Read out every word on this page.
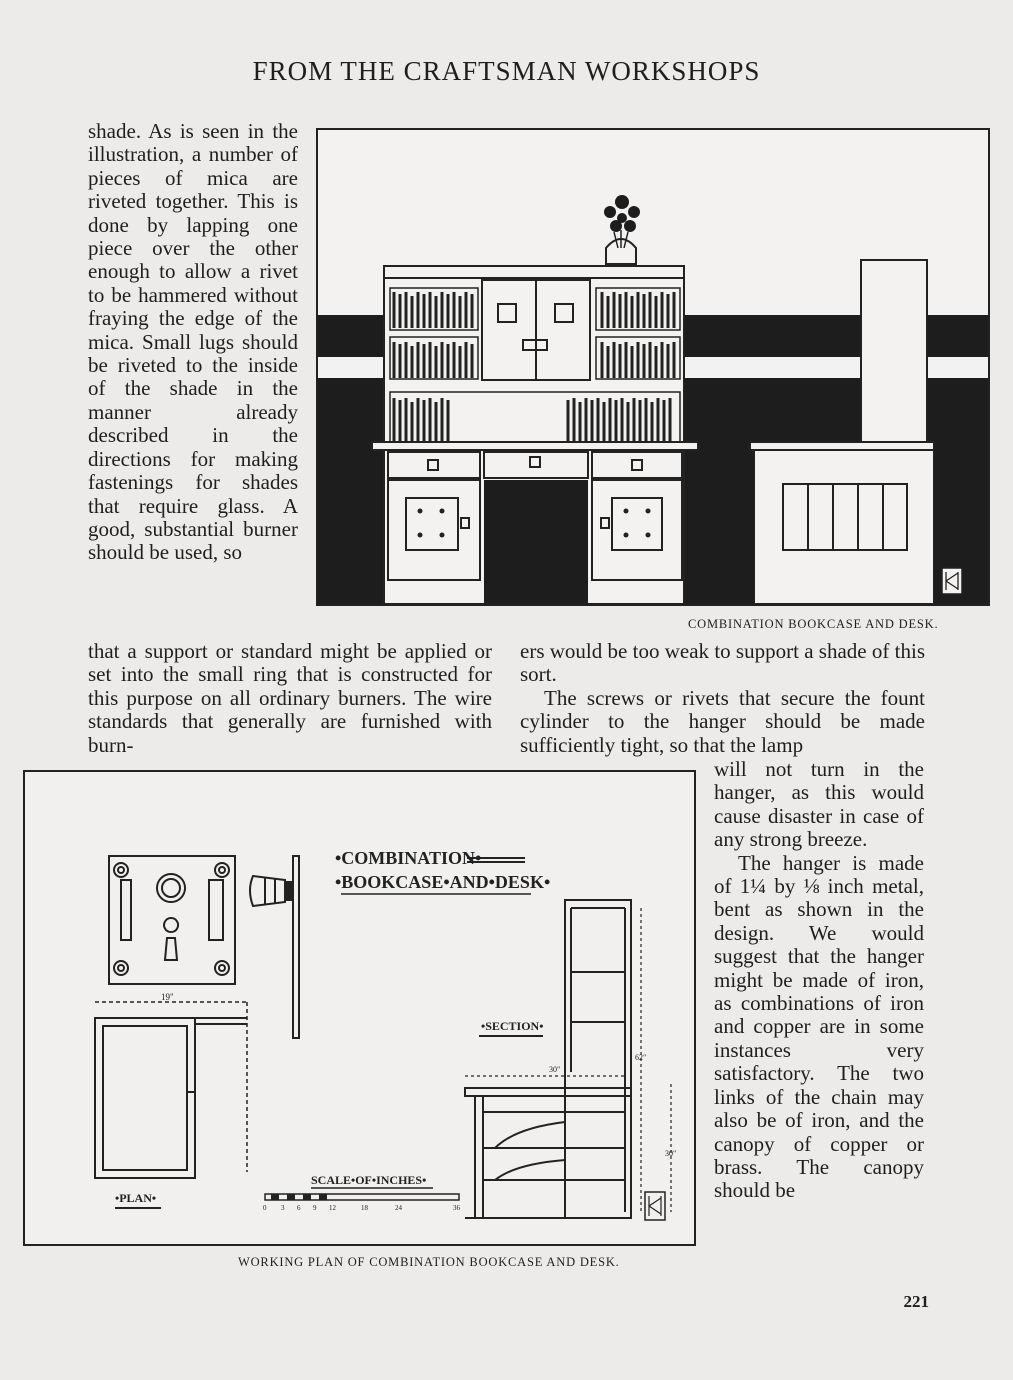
FROM THE CRAFTSMAN WORKSHOPS

shade. As is seen in the illustration, a number of pieces of mica are riveted together. This is done by lapping one piece over the other enough to allow a rivet to be hammered without fraying the edge of the mica. Small lugs should be riveted to the inside of the shade in the manner already described in the directions for making fastenings for shades that require glass. A good, substantial burner should be used, so

COMBINATION BOOKCASE AND DESK.

that a support or standard might be applied or set into the small ring that is constructed for this purpose on all ordinary burners. The wire standards that generally are furnished with burn-

ers would be too weak to support a shade of this sort.

The screws or rivets that secure the fount cylinder to the hanger should be made sufficiently tight, so that the lamp

•COMBINATION•
•BOOKCASE•AND•DESK•
19"
•PLAN•
SCALE•OF•INCHES•
0 3 6 9 12	18	24	36
•SECTION•
62"
30"
30"
WORKING PLAN OF COMBINATION BOOKCASE AND DESK.

will not turn in the hanger, as this would cause disaster in case of any strong breeze.

The hanger is made of 1¼ by ⅛ inch metal, bent as shown in the design. We would suggest that the hanger might be made of iron, as combinations of iron and copper are in some instances very satisfactory. The two links of the chain may also be of iron, and the canopy of copper or brass. The canopy should be

221
